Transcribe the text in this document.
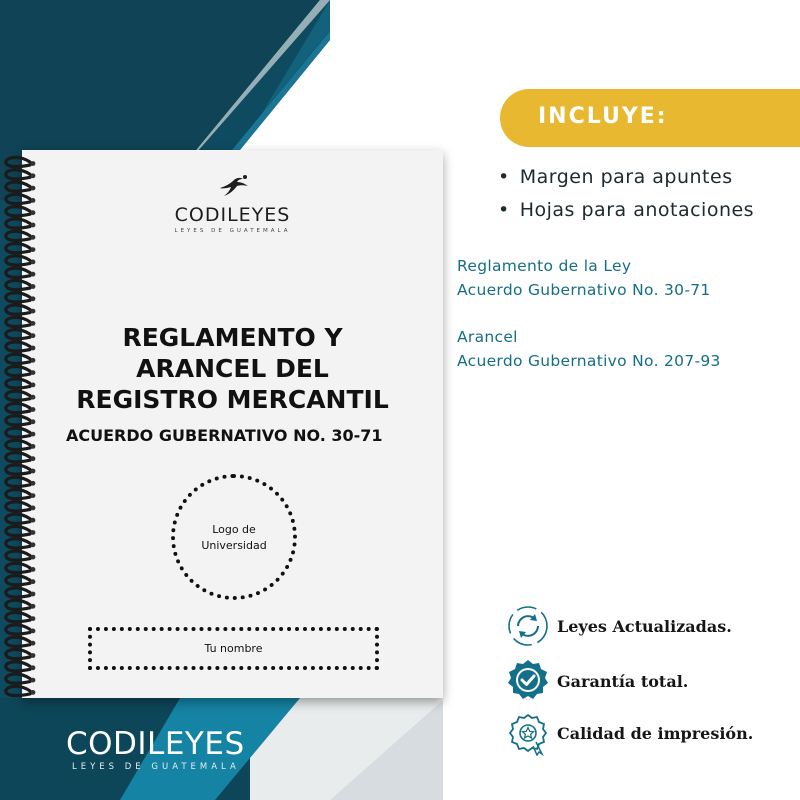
INCLUYE:
• Margen para apuntes
• Hojas para anotaciones
Reglamento de la Ley
Acuerdo Gubernativo No. 30-71
Arancel
Acuerdo Gubernativo No. 207-93
Leyes Actualizadas.
Garantía total.
Calidad de impresión.
CODILEYES
LEYES DE GUATEMALA
REGLAMENTO Y
ARANCEL DEL
REGISTRO MERCANTIL
ACUERDO GUBERNATIVO NO. 30-71
Logo de
Universidad
Tu nombre
CODILEYES
LEYES DE GUATEMALA
